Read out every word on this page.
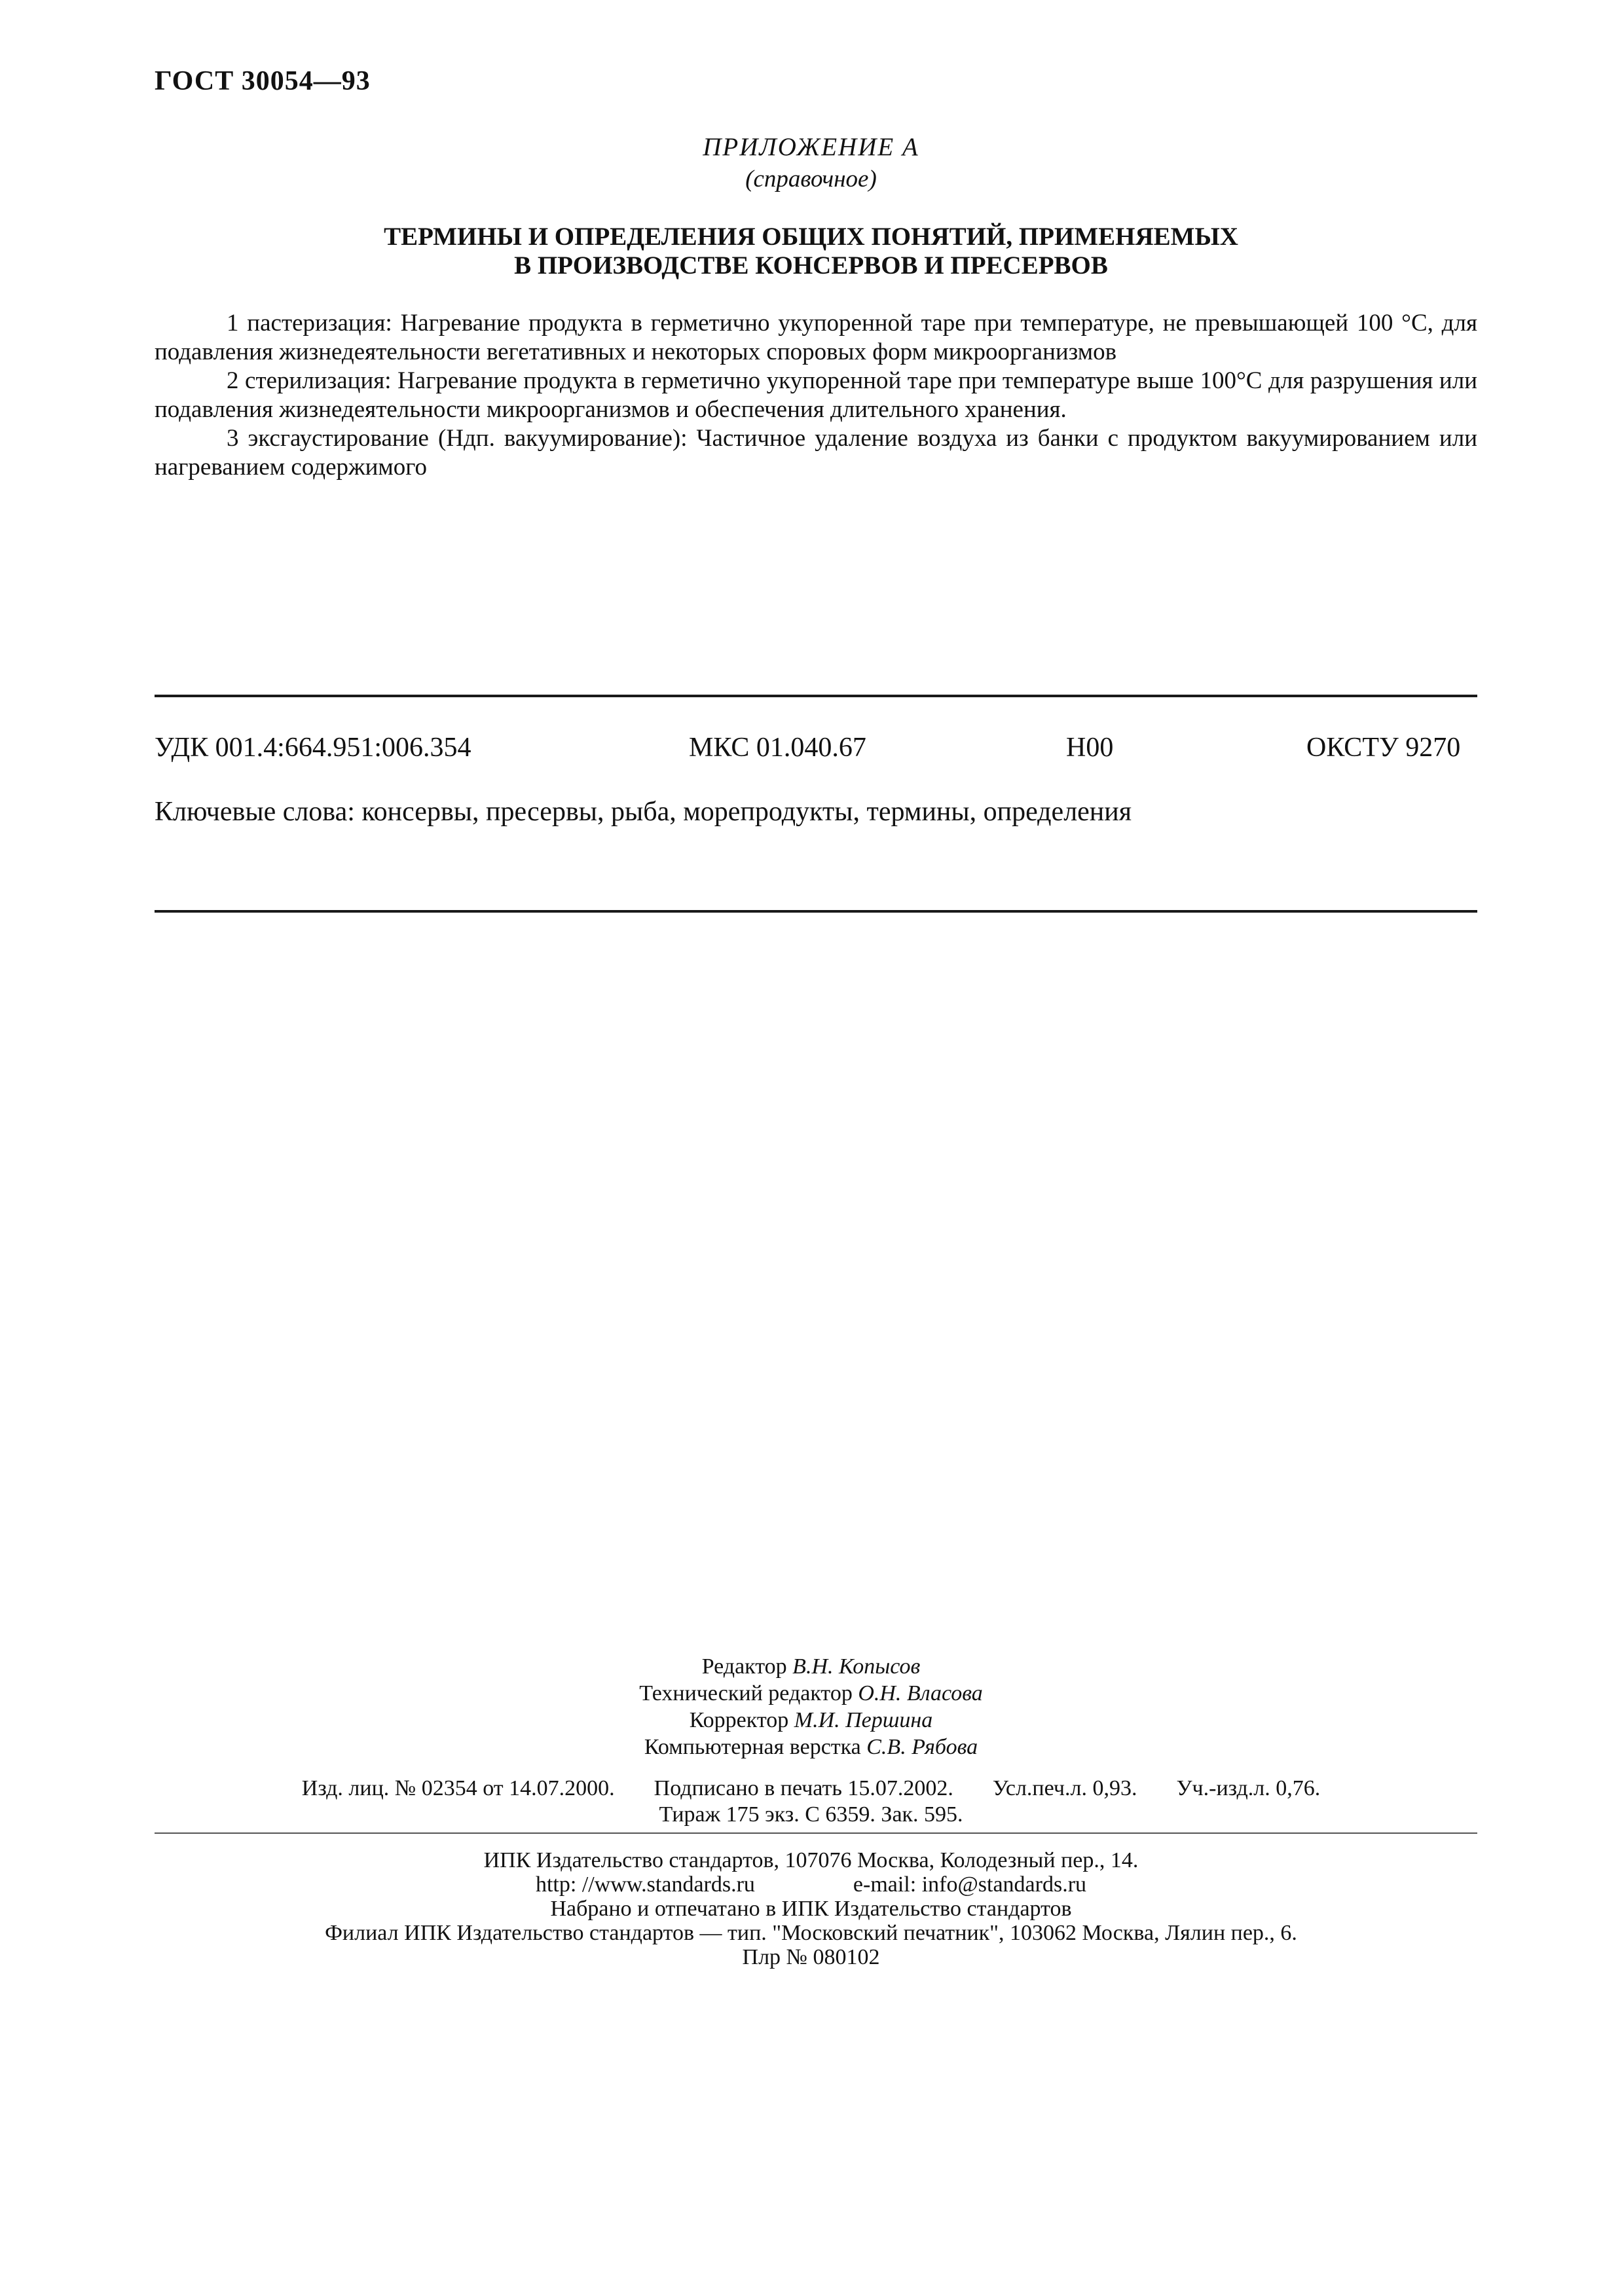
ГОСТ 30054—93
ПРИЛОЖЕНИЕ А
(справочное)
ТЕРМИНЫ И ОПРЕДЕЛЕНИЯ ОБЩИХ ПОНЯТИЙ, ПРИМЕНЯЕМЫХ
В ПРОИЗВОДСТВЕ КОНСЕРВОВ И ПРЕСЕРВОВ

1 пастеризация: Нагревание продукта в герметично укупоренной таре при температуре, не превышающей 100 °С, для подавления жизнедеятельности вегетативных и некоторых споровых форм микроорганизмов

2 стерилизация: Нагревание продукта в герметично укупоренной таре при температуре выше 100°С для разрушения или подавления жизнедеятельности микроорганизмов и обеспечения длительного хранения.

3 эксгаустирование (Ндп. вакуумирование): Частичное удаление воздуха из банки с продуктом вакуумированием или нагреванием содержимого

УДК 001.4:664.951:006.354	МКС 01.040.67	Н00	ОКСТУ 9270
Ключевые слова: консервы, пресервы, рыба, морепродукты, термины, определения
Редактор В.Н. Копысов
Технический редактор О.Н. Власова
Корректор М.И. Першина
Компьютерная верстка С.В. Рябова
Изд. лиц. № 02354 от 14.07.2000. Подписано в печать 15.07.2002. Усл.печ.л. 0,93. Уч.-изд.л. 0,76.
Тираж 175 экз. С 6359. Зак. 595.
ИПК Издательство стандартов, 107076 Москва, Колодезный пер., 14.
http: //www.standards.ru	e-mail: info@standards.ru
Набрано и отпечатано в ИПК Издательство стандартов
Филиал ИПК Издательство стандартов — тип. "Московский печатник", 103062 Москва, Лялин пер., 6.
Плр № 080102
